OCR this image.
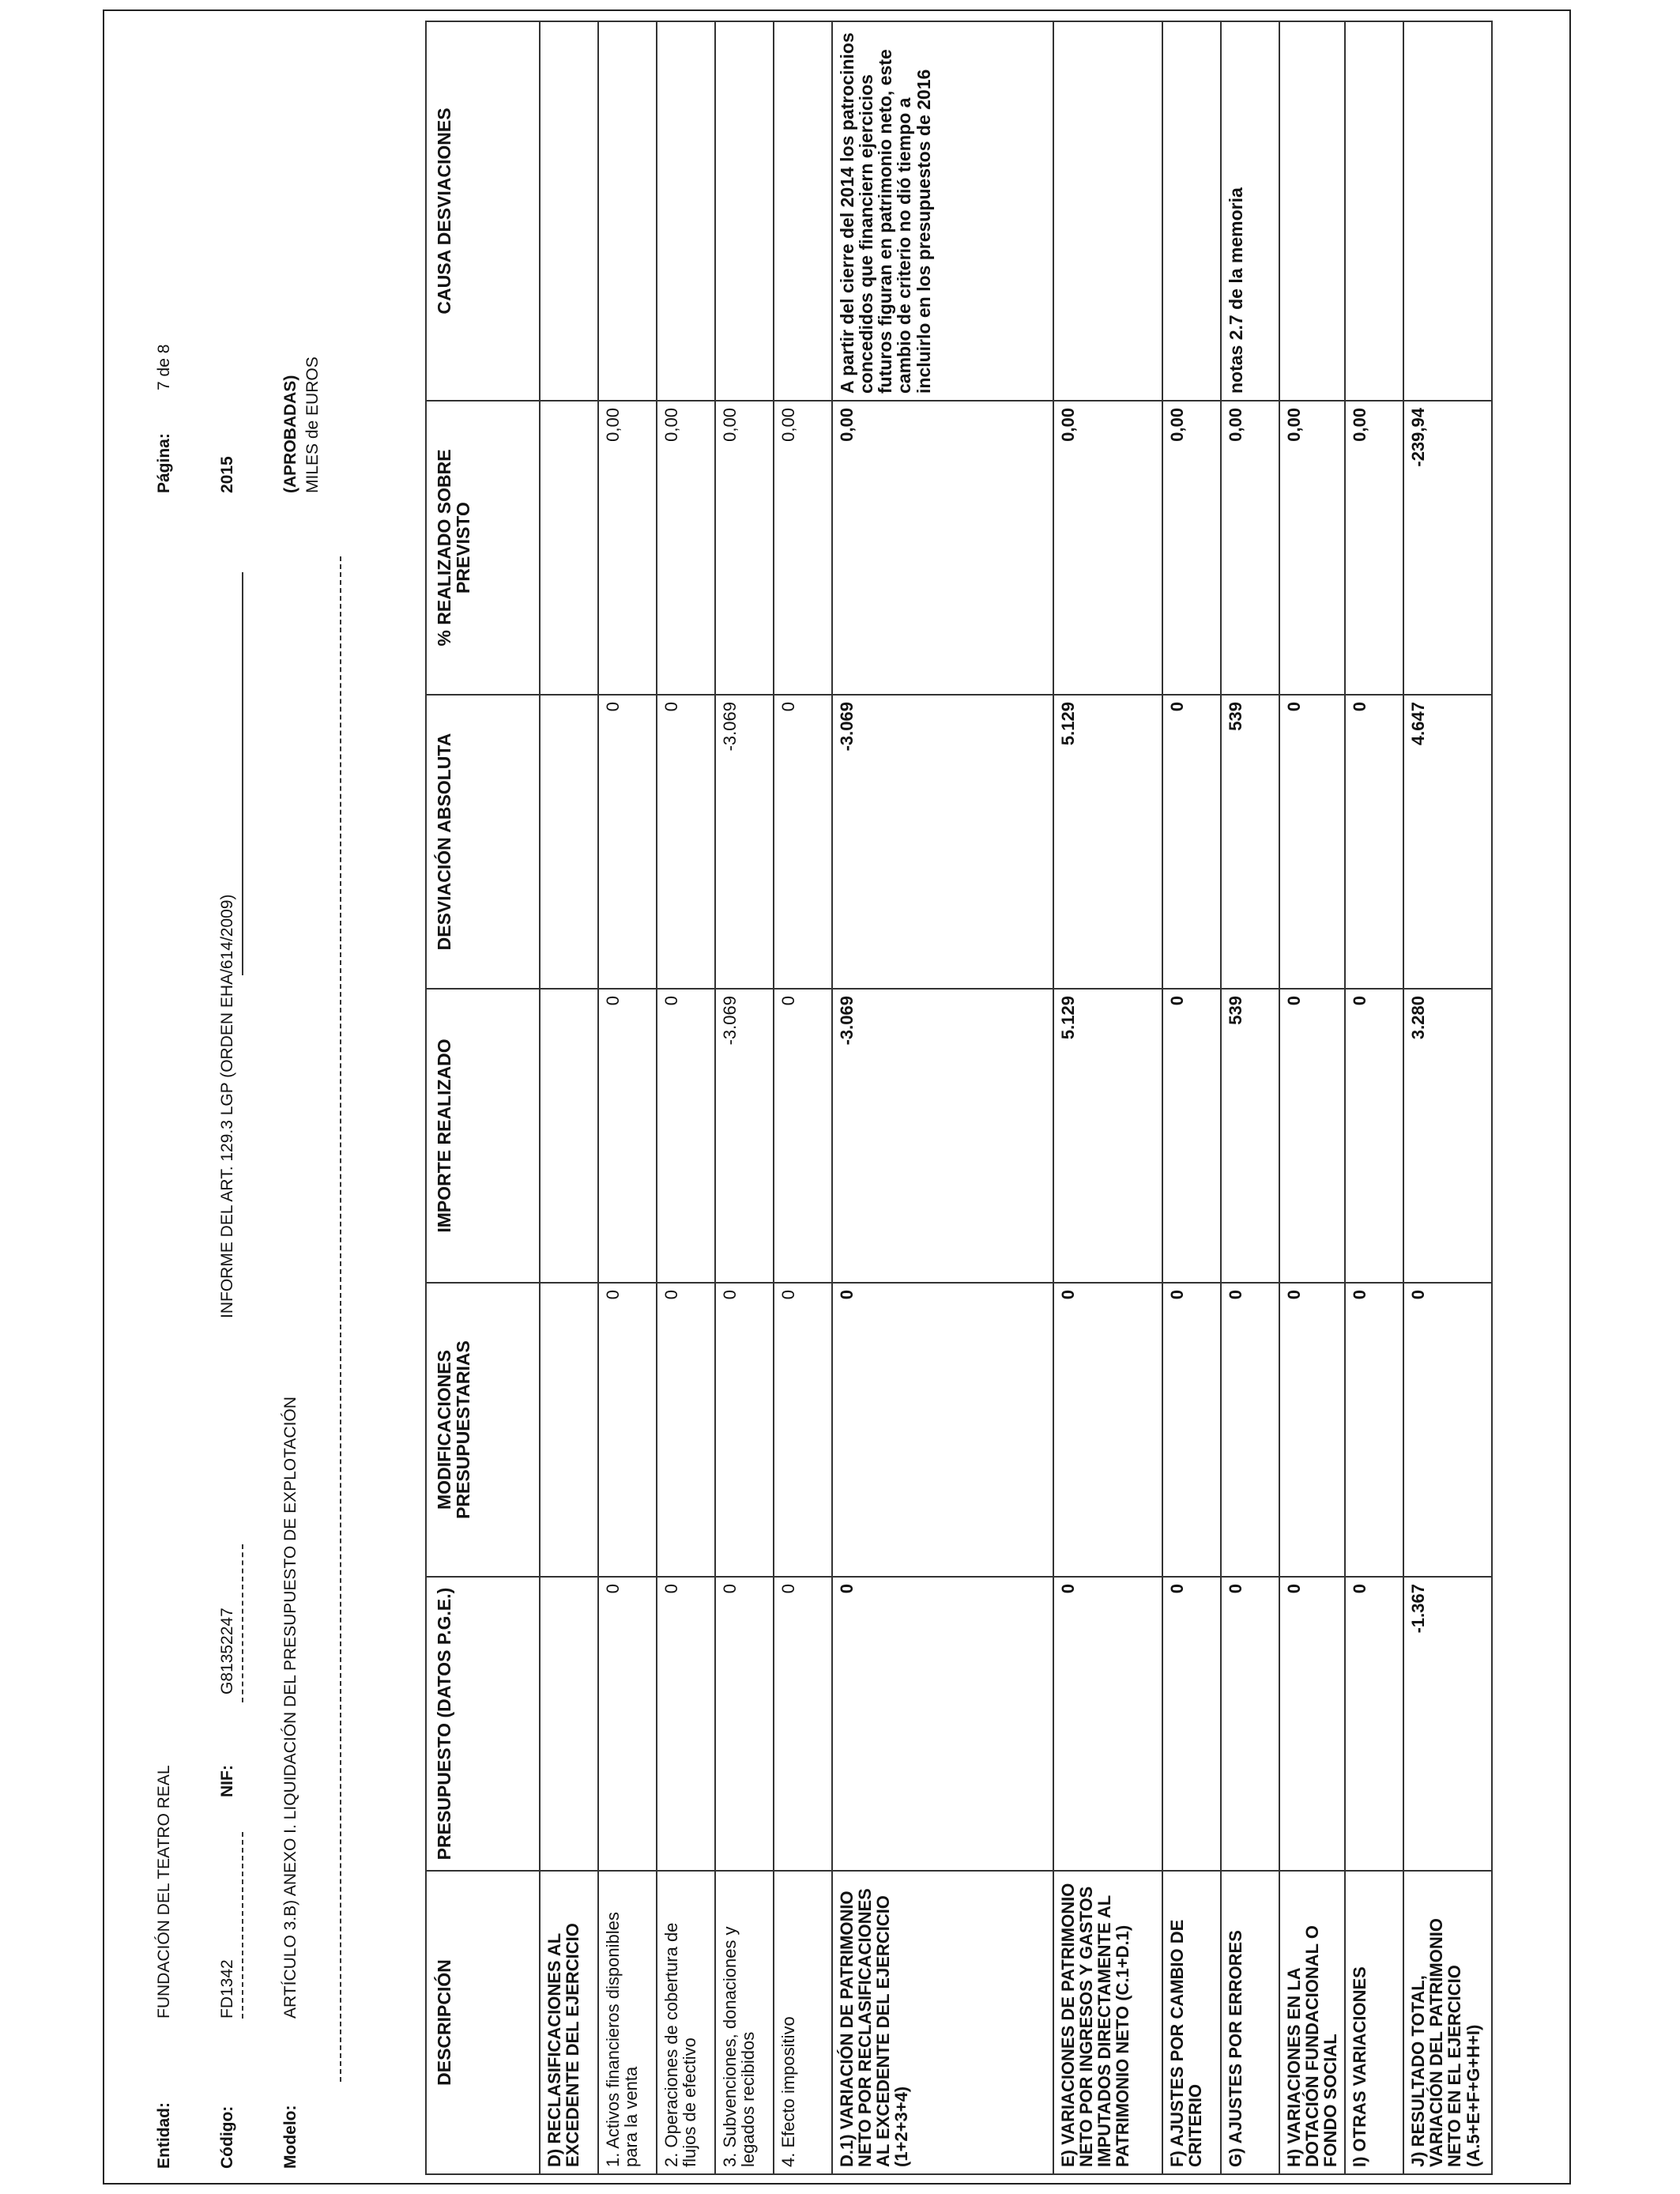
Entidad:
FUNDACIÓN DEL TEATRO REAL
Página:
7 de 8
Código:
FD1342
NIF:
G81352247
INFORME DEL ART. 129.3 LGP (ORDEN EHA/614/2009)
2015
Modelo:
ARTÍCULO 3.B) ANEXO I. LIQUIDACIÓN DEL PRESUPUESTO DE EXPLOTACIÓN
(APROBADAS) MILES de EUROS
DESCRIPCIÓN	PRESUPUESTO (DATOS P.G.E.)	MODIFICACIONES PRESUPUESTARIAS	IMPORTE REALIZADO	DESVIACIÓN ABSOLUTA	% REALIZADO SOBRE PREVISTO	CAUSA DESVIACIONES
D) RECLASIFICACIONES AL EXCEDENTE DEL EJERCICIO						
1. Activos financieros disponibles para la venta	0	0	0	0	0,00	
2. Operaciones de cobertura de flujos de efectivo	0	0	0	0	0,00	
3. Subvenciones, donaciones y legados recibidos	0	0	-3.069	-3.069	0,00	
4. Efecto impositivo	0	0	0	0	0,00	
D.1) VARIACIÓN DE PATRIMONIO NETO POR RECLASIFICACIONES AL EXCEDENTE DEL EJERCICIO (1+2+3+4)	0	0	-3.069	-3.069	0,00	A partir del cierre del 2014 los patrocinios concedidos que financiern ejercicios futuros figuran en patrimonio neto, este cambio de criterio no dió tiempo a incluirlo en los presupuestos de 2016
E) VARIACIONES DE PATRIMONIO NETO POR INGRESOS Y GASTOS IMPUTADOS DIRECTAMENTE AL PATRIMONIO NETO (C.1+D.1)	0	0	5.129	5.129	0,00	
F) AJUSTES POR CAMBIO DE CRITERIO	0	0	0	0	0,00	
G) AJUSTES POR ERRORES	0	0	539	539	0,00	notas 2.7 de la memoria
H) VARIACIONES EN LA DOTACIÓN FUNDACIONAL O FONDO SOCIAL	0	0	0	0	0,00	
I) OTRAS VARIACIONES	0	0	0	0	0,00	
J) RESULTADO TOTAL, VARIACIÓN DEL PATRIMONIO NETO EN EL EJERCICIO (A.5+E+F+G+H+I)	-1.367	0	3.280	4.647	-239,94	
